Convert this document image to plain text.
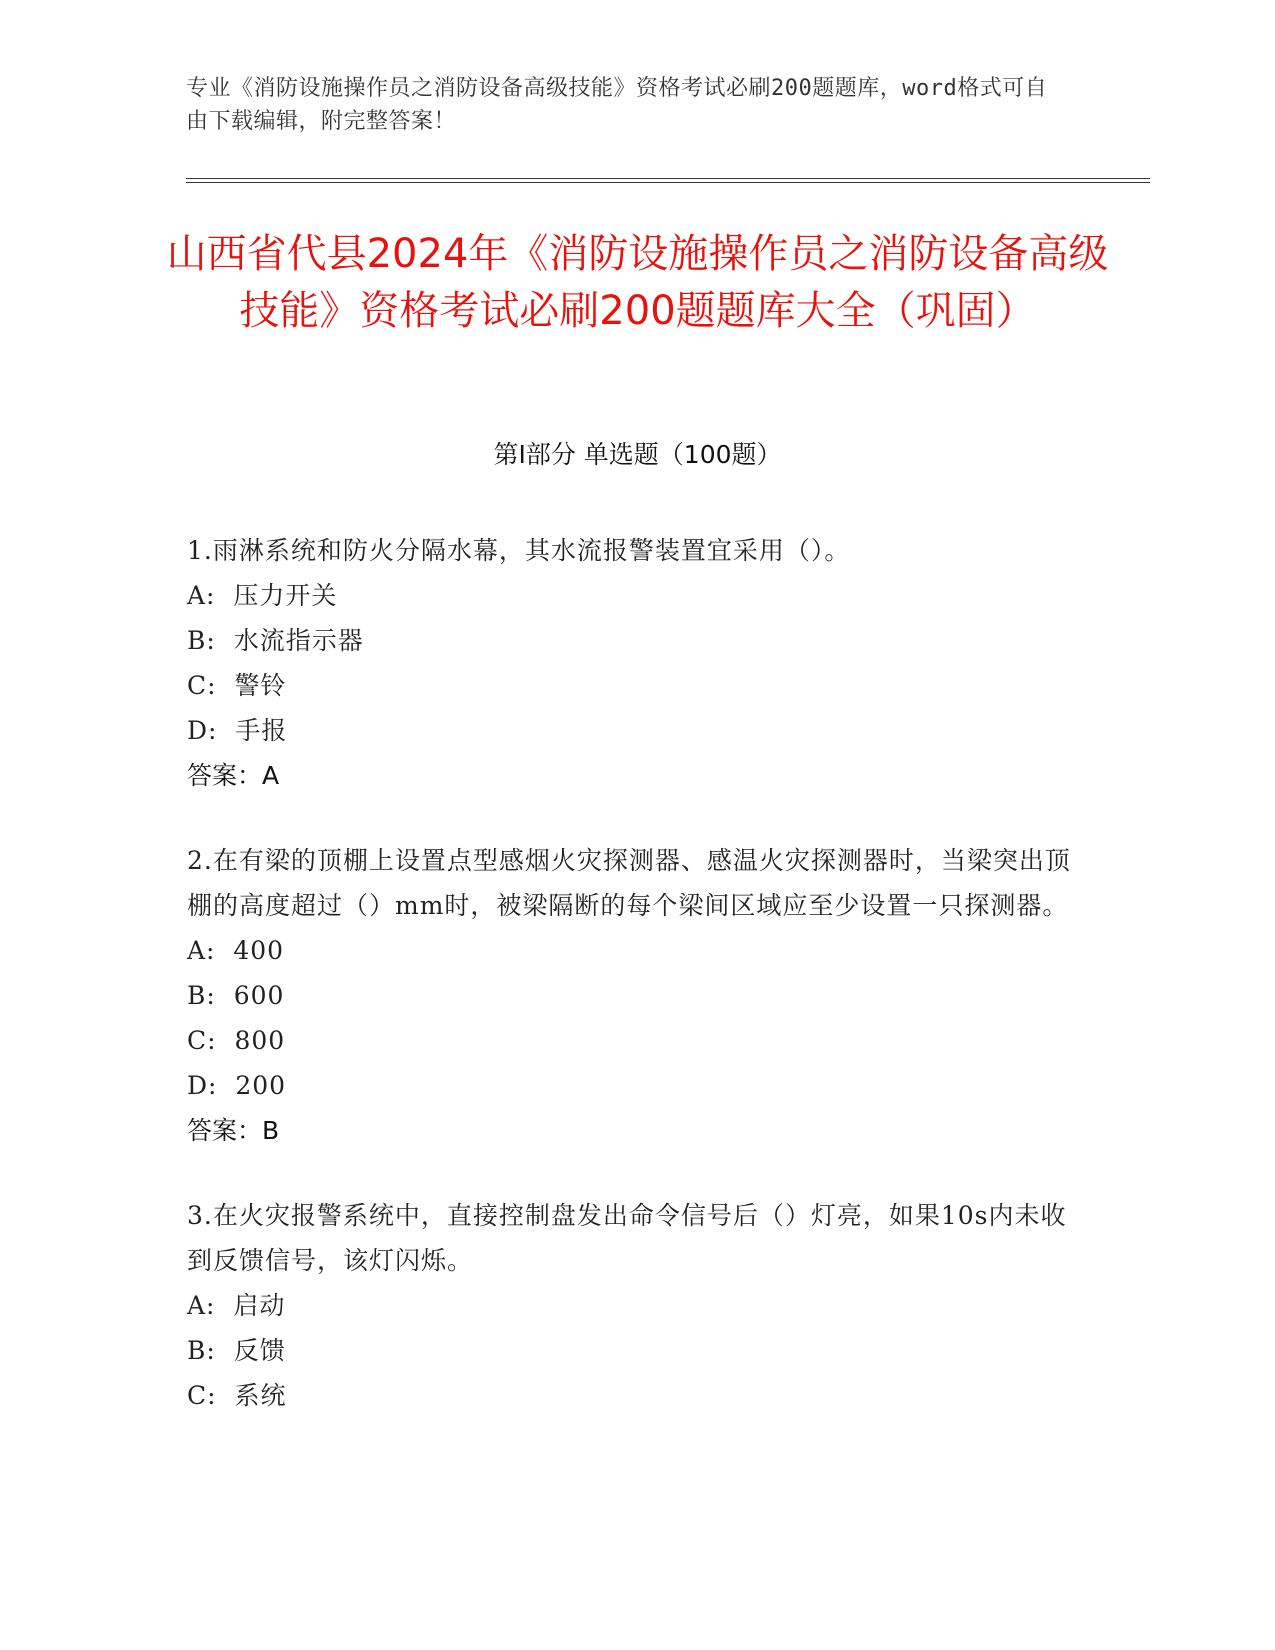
专业《消防设施操作员之消防设备高级技能》资格考试必刷200题题库，word格式可自由下载编辑，附完整答案！
山西省代县2024年《消防设施操作员之消防设备高级技能》资格考试必刷200题题库大全（巩固）
第I部分 单选题（100题）
1.雨淋系统和防火分隔水幕，其水流报警装置宜采用（）。
A:  压力开关
B:  水流指示器
C:  警铃
D:  手报
答案：A
2.在有梁的顶棚上设置点型感烟火灾探测器、感温火灾探测器时，当梁突出顶棚的高度超过（）mm时，被梁隔断的每个梁间区域应至少设置一只探测器。
A:  400
B:  600
C:  800
D:  200
答案：B
3.在火灾报警系统中，直接控制盘发出命令信号后（）灯亮，如果10s内未收到反馈信号，该灯闪烁。
A:  启动
B:  反馈
C:  系统
